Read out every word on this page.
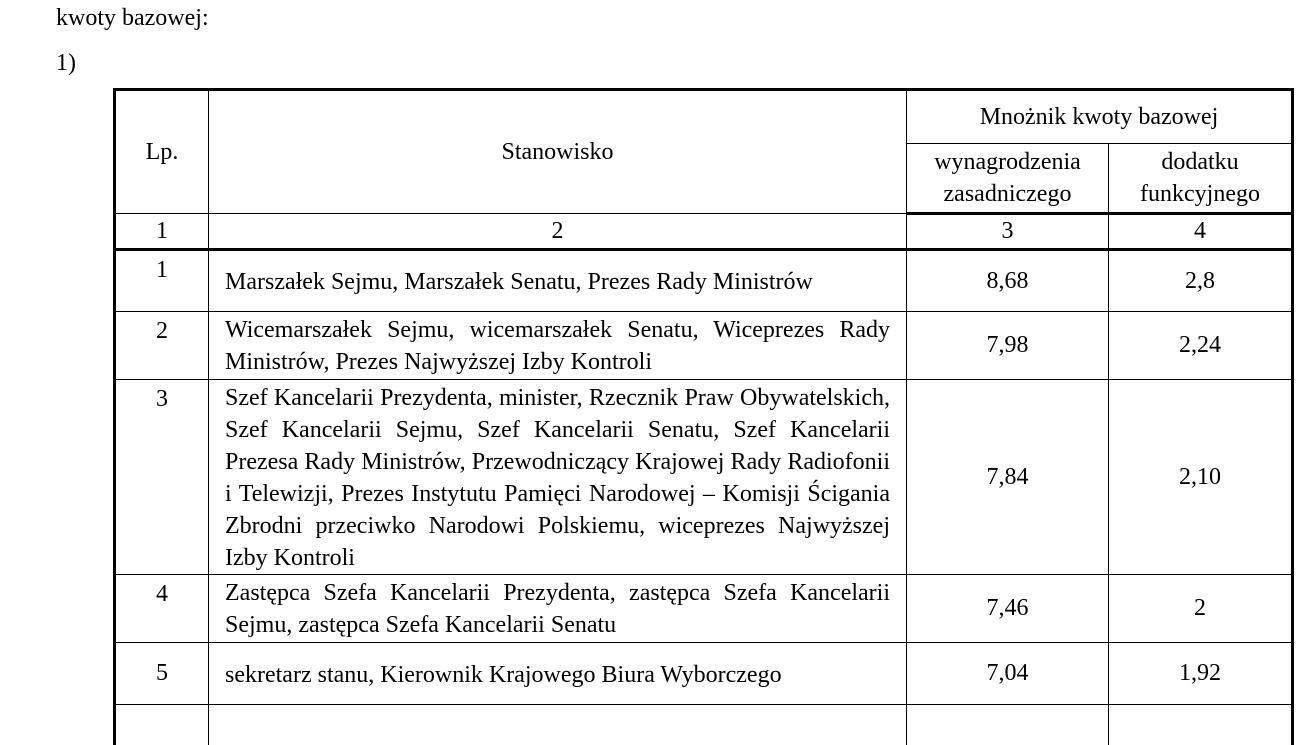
kwoty bazowej:
1)
Lp.	Stanowisko	Mnożnik kwoty bazowej	
		wynagrodzenia zasadniczego	dodatku funkcyjnego
1	2	3	4
1	Marszałek Sejmu, Marszałek Senatu, Prezes Rady Ministrów	8,68	2,8
2	Wicemarszałek Sejmu, wicemarszałek Senatu, Wiceprezes Rady Ministrów, Prezes Najwyższej Izby Kontroli	7,98	2,24
3	Szef Kancelarii Prezydenta, minister, Rzecznik Praw Obywatelskich, Szef Kancelarii Sejmu, Szef Kancelarii Senatu, Szef Kancelarii Prezesa Rady Ministrów, Przewodniczący Krajowej Rady Radiofonii i Telewizji, Prezes Instytutu Pamięci Narodowej – Komisji Ścigania Zbrodni przeciwko Narodowi Polskiemu, wiceprezes Najwyższej Izby Kontroli	7,84	2,10
4	Zastępca Szefa Kancelarii Prezydenta, zastępca Szefa Kancelarii Sejmu, zastępca Szefa Kancelarii Senatu	7,46	2
5	sekretarz stanu, Kierownik Krajowego Biura Wyborczego	7,04	1,92
